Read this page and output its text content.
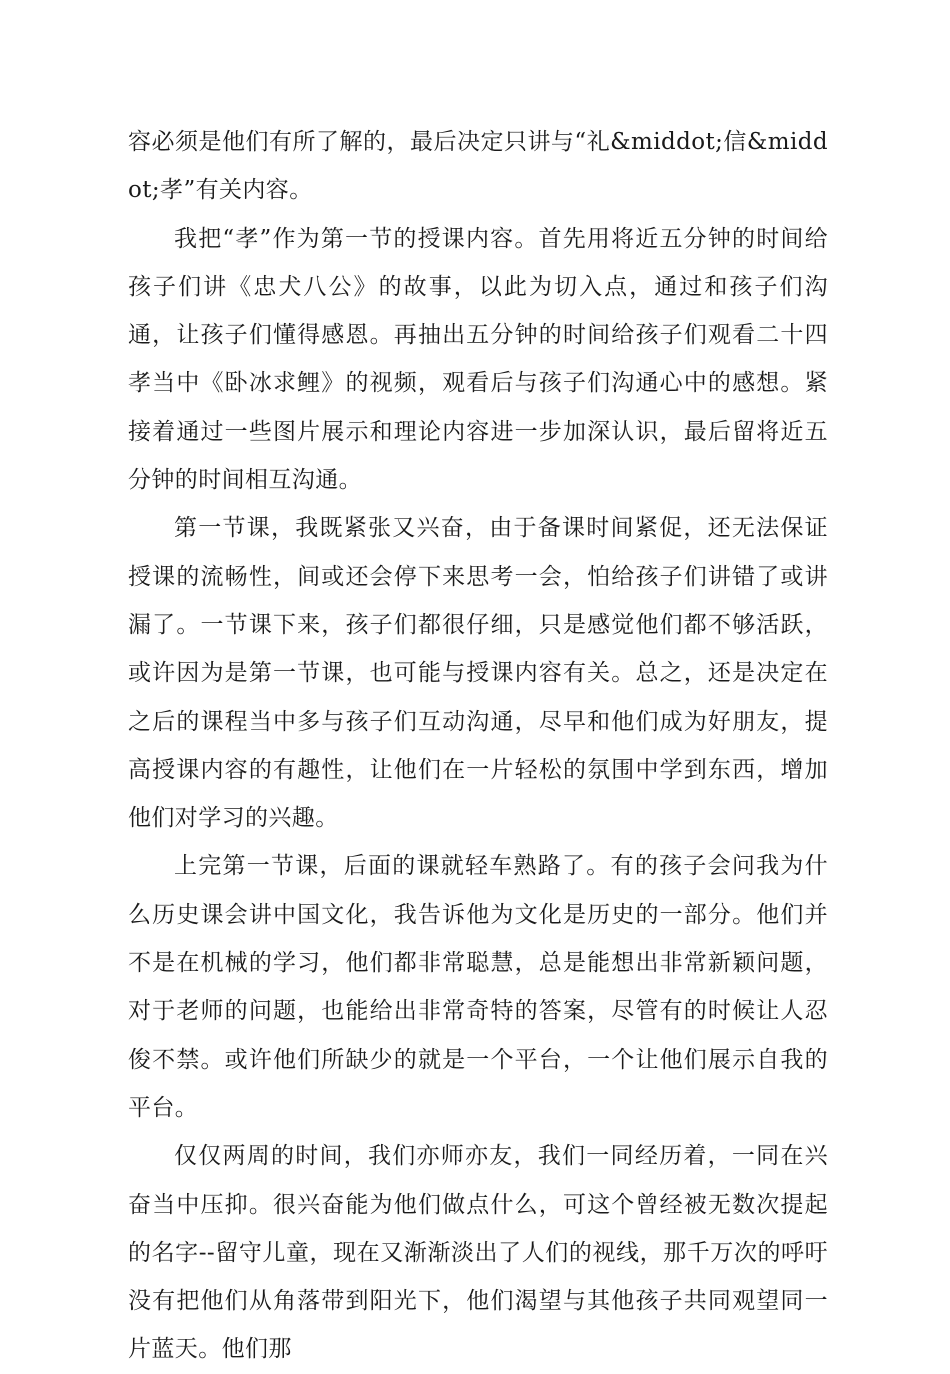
容必须是他们有所了解的，最后决定只讲与“礼&middot;信&middot;孝”有关内容。

我把“孝”作为第一节的授课内容。首先用将近五分钟的时间给孩子们讲《忠犬八公》的故事，以此为切入点，通过和孩子们沟通，让孩子们懂得感恩。再抽出五分钟的时间给孩子们观看二十四孝当中《卧冰求鲤》的视频，观看后与孩子们沟通心中的感想。紧接着通过一些图片展示和理论内容进一步加深认识，最后留将近五分钟的时间相互沟通。

第一节课，我既紧张又兴奋，由于备课时间紧促，还无法保证授课的流畅性，间或还会停下来思考一会，怕给孩子们讲错了或讲漏了。一节课下来，孩子们都很仔细，只是感觉他们都不够活跃，或许因为是第一节课，也可能与授课内容有关。总之，还是决定在之后的课程当中多与孩子们互动沟通，尽早和他们成为好朋友，提高授课内容的有趣性，让他们在一片轻松的氛围中学到东西，增加他们对学习的兴趣。

上完第一节课，后面的课就轻车熟路了。有的孩子会问我为什么历史课会讲中国文化，我告诉他为文化是历史的一部分。他们并不是在机械的学习，他们都非常聪慧，总是能想出非常新颖问题，对于老师的问题，也能给出非常奇特的答案，尽管有的时候让人忍俊不禁。或许他们所缺少的就是一个平台，一个让他们展示自我的平台。

仅仅两周的时间，我们亦师亦友，我们一同经历着，一同在兴奋当中压抑。很兴奋能为他们做点什么，可这个曾经被无数次提起的名字--留守儿童，现在又渐渐淡出了人们的视线，那千万次的呼吁没有把他们从角落带到阳光下，他们渴望与其他孩子共同观望同一片蓝天。他们那
